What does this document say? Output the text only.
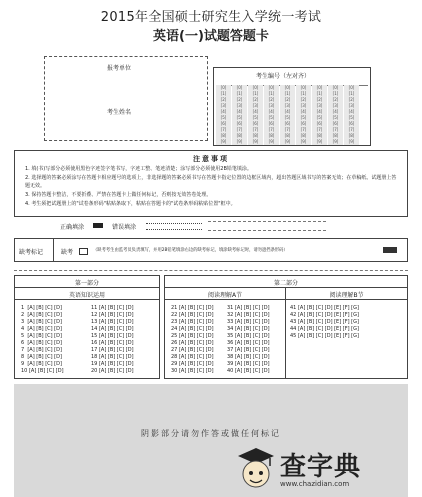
2015年全国硕士研究生入学统一考试
英语(一)试题答题卡
报考单位
考生姓名
考生编号（左对齐）
[0]	[0]	[0]	[0]	[0]	[0]	[0]	[0]	[0]
[1]	[1]	[1]	[1]	[1]	[1]	[1]	[1]	[1]
[2]	[2]	[2]	[2]	[2]	[2]	[2]	[2]	[2]
[3]	[3]	[3]	[3]	[3]	[3]	[3]	[3]	[3]
[4]	[4]	[4]	[4]	[4]	[4]	[4]	[4]	[4]
[5]	[5]	[5]	[5]	[5]	[5]	[5]	[5]	[5]
[6]	[6]	[6]	[6]	[6]	[6]	[6]	[6]	[6]
[7]	[7]	[7]	[7]	[7]	[7]	[7]	[7]	[7]
[8]	[8]	[8]	[8]	[8]	[8]	[8]	[8]	[8]
[9]	[9]	[9]	[9]	[9]	[9]	[9]	[9]	[9]
注意事项

1. 填(书)写部分必须使用黑色字迹签字笔书写，字迹工整、笔迹清楚；涂写部分必须使用2B铅笔填涂。

2. 选择题的答案必须涂写在答题卡相应题号的选项上，非选择题的答案必须书写在答题卡指定位置的边框区域内，超出答题区域书写的答案无效；在草稿纸、试题册上答题无效。

3. 保持答题卡整洁，不要折叠、严禁在答题卡上做任何标记，否则按无效答卷处理。

4. 考生须把试题册上的"试卷条形码"粘贴条取下，粘贴在答题卡的"试卷条形码粘贴位置"框中。

正确填涂	错误填涂
缺考标记	缺考	（缺考考生由监考员负责填写，并用2B铅笔填涂右边的缺考标记，填涂缺考标记时，请勿遮挡条形码）
第一部分
英语知识运用
1  [A] [B] [C] [D]
2  [A] [B] [C] [D]
3  [A] [B] [C] [D]
4  [A] [B] [C] [D]
5  [A] [B] [C] [D]
6  [A] [B] [C] [D]
7  [A] [B] [C] [D]
8  [A] [B] [C] [D]
9  [A] [B] [C] [D]
10 [A] [B] [C] [D]
11 [A] [B] [C] [D]
12 [A] [B] [C] [D]
13 [A] [B] [C] [D]
14 [A] [B] [C] [D]
15 [A] [B] [C] [D]
16 [A] [B] [C] [D]
17 [A] [B] [C] [D]
18 [A] [B] [C] [D]
19 [A] [B] [C] [D]
20 [A] [B] [C] [D]
第二部分
阅读理解A节	阅读理解B节
21 [A] [B] [C] [D]
22 [A] [B] [C] [D]
23 [A] [B] [C] [D]
24 [A] [B] [C] [D]
25 [A] [B] [C] [D]
26 [A] [B] [C] [D]
27 [A] [B] [C] [D]
28 [A] [B] [C] [D]
29 [A] [B] [C] [D]
30 [A] [B] [C] [D]
31 [A] [B] [C] [D]
32 [A] [B] [C] [D]
33 [A] [B] [C] [D]
34 [A] [B] [C] [D]
35 [A] [B] [C] [D]
36 [A] [B] [C] [D]
37 [A] [B] [C] [D]
38 [A] [B] [C] [D]
39 [A] [B] [C] [D]
40 [A] [B] [C] [D]
41 [A] [B] [C] [D] [E] [F] [G]
42 [A] [B] [C] [D] [E] [F] [G]
43 [A] [B] [C] [D] [E] [F] [G]
44 [A] [B] [C] [D] [E] [F] [G]
45 [A] [B] [C] [D] [E] [F] [G]
阴影部分请勿作答或做任何标记
查字典
www.chazidian.com
